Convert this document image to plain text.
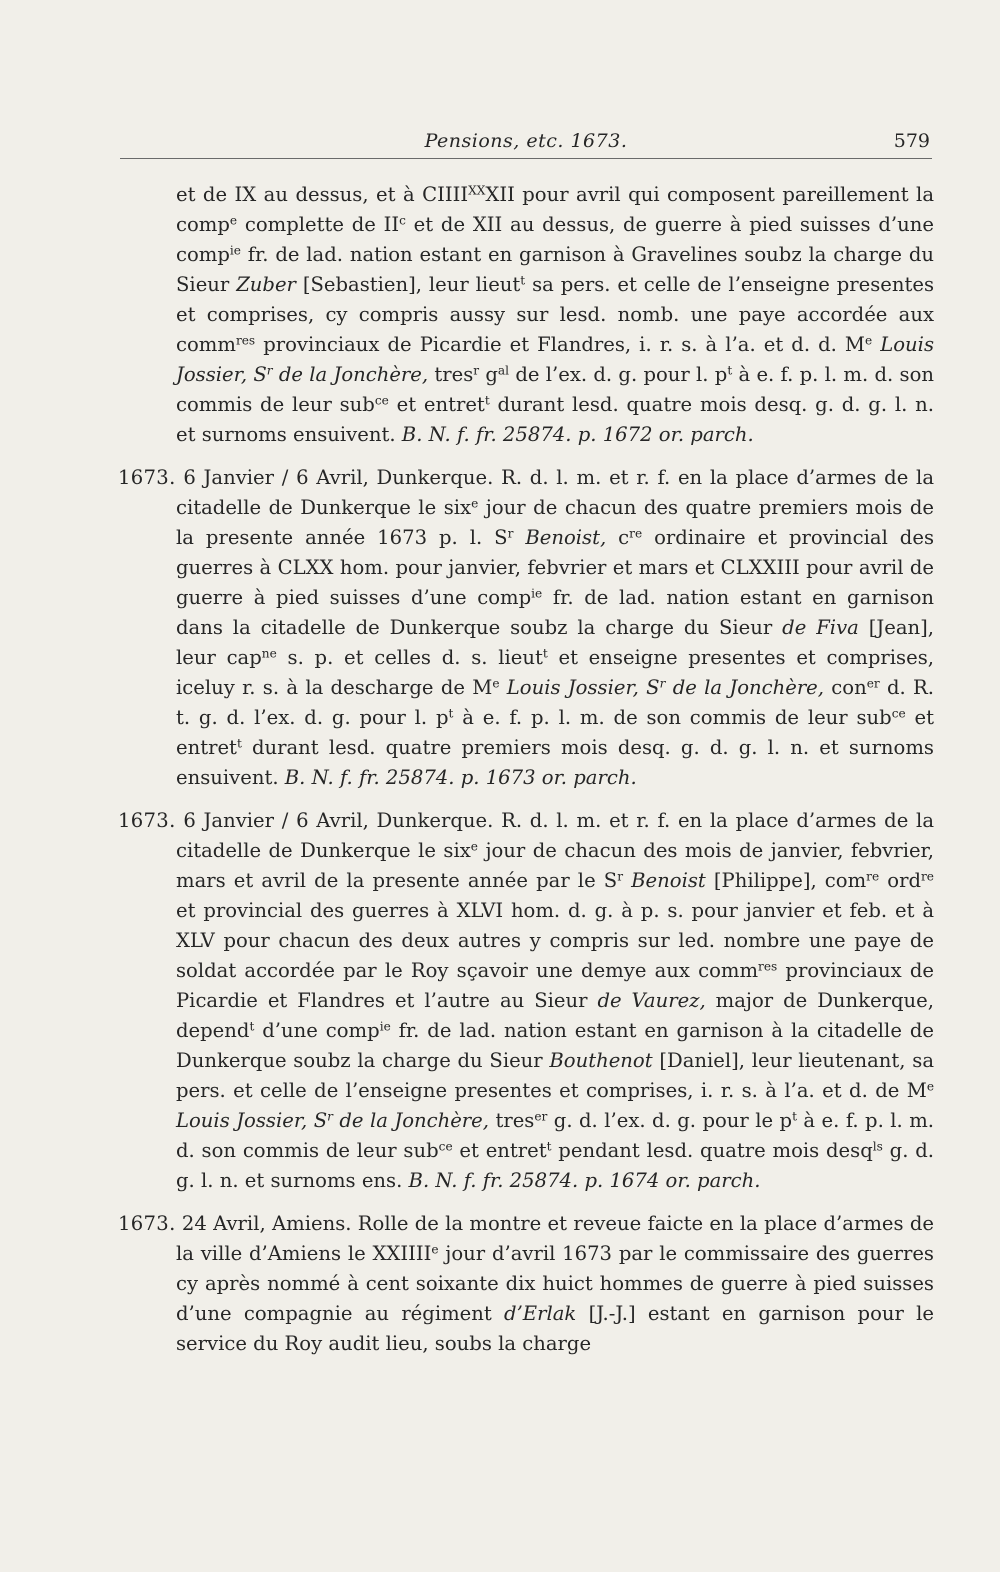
Pensions, etc. 1673.	579

et de IX au dessus, et à $CIIII^{XX}XII$ pour avril qui composent pareillement la comp$^e$ complette de $II^c$ et de XII au dessus, de guerre à pied suisses d’une comp$^{ie}$ fr. de lad. nation estant en garnison à Gravelines soubz la charge du Sieur Zuber [Sebastien], leur lieut$^t$ sa pers. et celle de l’enseigne presentes et comprises, cy compris aussy sur lesd. nomb. une paye accordée aux comm$^{res}$ provinciaux de Picardie et Flandres, i. r. s. à l’a. et d. d. Me Louis Jossier, $S^r$ de la Jonchère, tres$^r$ $g^{al}$ de l’ex. d. g. pour l. $p^t$ à e. f. p. l. m. d. son commis de leur sub$^{ce}$ et entret$^t$ durant lesd. quatre mois desq. g. d. g. l. n. et surnoms ensuivent. B. N. f. fr. 25874. p. 1672 or. parch.

1673. 6 Janvier / 6 Avril, Dunkerque. R. d. l. m. et r. f. en la place d’armes de la citadelle de Dunkerque le six$^e$ jour de chacun des quatre premiers mois de la presente année 1673 p. l. $S^r$ Benoist, $c^{re}$ ordinaire et provincial des guerres à CLXX hom. pour janvier, febvrier et mars et CLXXIII pour avril de guerre à pied suisses d’une comp$^{ie}$ fr. de lad. nation estant en garnison dans la citadelle de Dunkerque soubz la charge du Sieur de Fiva [Jean], leur cap$^{ne}$ s. p. et celles d. s. lieut$^t$ et enseigne presentes et comprises, iceluy r. s. à la descharge de Me Louis Jossier, $S^r$ de la Jonchère, con$^{er}$ d. R. t. g. d. l’ex. d. g. pour l. $p^t$ à e. f. p. l. m. de son commis de leur sub$^{ce}$ et entret$^t$ durant lesd. quatre premiers mois desq. g. d. g. l. n. et surnoms ensuivent. B. N. f. fr. 25874. p. 1673 or. parch.

1673. 6 Janvier / 6 Avril, Dunkerque. R. d. l. m. et r. f. en la place d’armes de la citadelle de Dunkerque le six$^e$ jour de chacun des mois de janvier, febvrier, mars et avril de la presente année par le $S^r$ Benoist [Philippe], com$^{re}$ ord$^{re}$ et provincial des guerres à XLVI hom. d. g. à p. s. pour janvier et feb. et à XLV pour chacun des deux autres y compris sur led. nombre une paye de soldat accordée par le Roy sçavoir une demye aux comm$^{res}$ provinciaux de Picardie et Flandres et l’autre au Sieur de Vaurez, major de Dunkerque, depend$^t$ d’une comp$^{ie}$ fr. de lad. nation estant en garnison à la citadelle de Dunkerque soubz la charge du Sieur Bouthenot [Daniel], leur lieutenant, sa pers. et celle de l’enseigne presentes et comprises, i. r. s. à l’a. et d. de Me Louis Jossier, $S^r$ de la Jonchère, tres$^{er}$ g. d. l’ex. d. g. pour le $p^t$ à e. f. p. l. m. d. son commis de leur sub$^{ce}$ et entret$^t$ pendant lesd. quatre mois desq$^{ls}$ g. d. g. l. n. et surnoms ens. B. N. f. fr. 25874. p. 1674 or. parch.

1673. 24 Avril, Amiens. Rolle de la montre et reveue faicte en la place d’armes de la ville d’Amiens le XXIIIIe jour d’avril 1673 par le commissaire des guerres cy après nommé à cent soixante dix huict hommes de guerre à pied suisses d’une compagnie au régiment d’Erlak [J.-J.] estant en garnison pour le service du Roy audit lieu, soubs la charge
